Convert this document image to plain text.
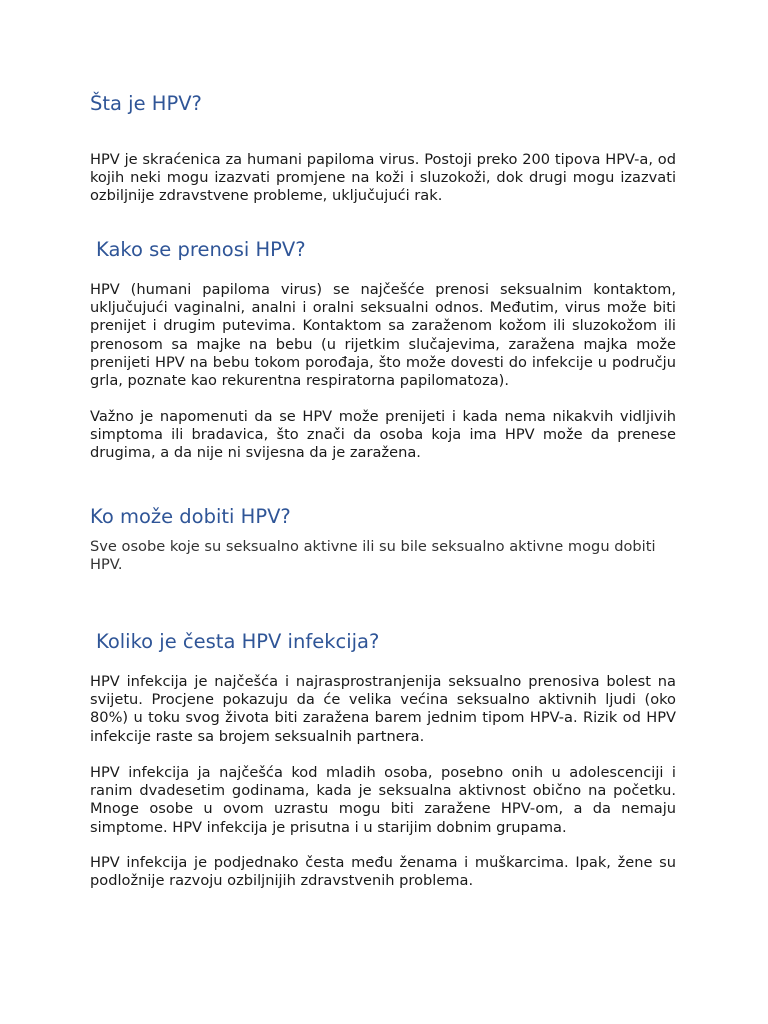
Šta je HPV?

HPV je skraćenica za humani papiloma virus. Postoji preko 200 tipova HPV-a, od kojih neki mogu izazvati promjene na koži i sluzokoži, dok drugi mogu izazvati ozbiljnije zdravstvene probleme, uključujući rak.

Kako se prenosi HPV?

HPV (humani papiloma virus) se najčešće prenosi seksualnim kontaktom, uključujući vaginalni, analni i oralni seksualni odnos. Međutim, virus može biti prenijet i drugim putevima. Kontaktom sa zaraženom kožom ili sluzokožom ili prenosom sa majke na bebu (u rijetkim slučajevima, zaražena majka može prenijeti HPV na bebu tokom porođaja, što može dovesti do infekcije u području grla, poznate kao rekurentna respiratorna papilomatoza).

Važno je napomenuti da se HPV može prenijeti i kada nema nikakvih vidljivih simptoma ili bradavica, što znači da osoba koja ima HPV može da prenese drugima, a da nije ni svijesna da je zaražena.

Ko može dobiti HPV?

Sve osobe koje su seksualno aktivne ili su bile seksualno aktivne mogu dobiti HPV.

Koliko je česta HPV infekcija?

HPV infekcija je najčešća i najrasprostranjenija seksualno prenosiva bolest na svijetu. Procjene pokazuju da će velika većina seksualno aktivnih ljudi (oko 80%) u toku svog života biti zaražena barem jednim tipom HPV-a. Rizik od HPV infekcije raste sa brojem seksualnih partnera.

HPV infekcija ja najčešća kod mladih osoba, posebno onih u adolescenciji i ranim dvadesetim godinama, kada je seksualna aktivnost obično na početku. Mnoge osobe u ovom uzrastu mogu biti zaražene HPV-om, a da nemaju simptome. HPV infekcija je prisutna i u starijim dobnim grupama.

HPV infekcija je podjednako česta među ženama i muškarcima. Ipak, žene su podložnije razvoju ozbiljnijih zdravstvenih problema.
